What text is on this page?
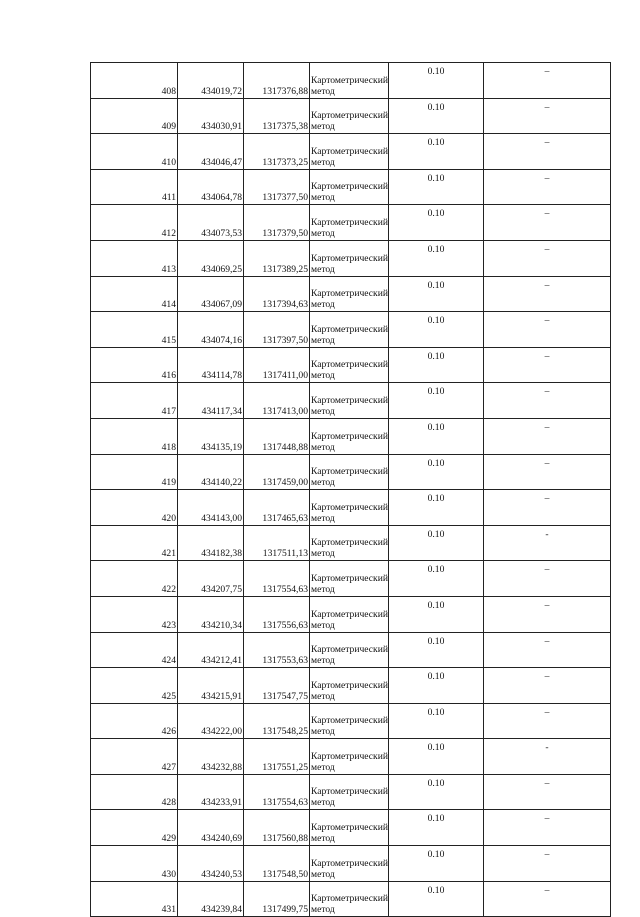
408	434019,72	1317376,88	Картометрический метод	0.10	–
409	434030,91	1317375,38	Картометрический метод	0.10	–
410	434046,47	1317373,25	Картометрический метод	0.10	–
411	434064,78	1317377,50	Картометрический метод	0.10	–
412	434073,53	1317379,50	Картометрический метод	0.10	–
413	434069,25	1317389,25	Картометрический метод	0.10	–
414	434067,09	1317394,63	Картометрический метод	0.10	–
415	434074,16	1317397,50	Картометрический метод	0.10	–
416	434114,78	1317411,00	Картометрический метод	0.10	–
417	434117,34	1317413,00	Картометрический метод	0.10	–
418	434135,19	1317448,88	Картометрический метод	0.10	–
419	434140,22	1317459,00	Картометрический метод	0.10	–
420	434143,00	1317465,63	Картометрический метод	0.10	–
421	434182,38	1317511,13	Картометрический метод	0.10	-
422	434207,75	1317554,63	Картометрический метод	0.10	–
423	434210,34	1317556,63	Картометрический метод	0.10	–
424	434212,41	1317553,63	Картометрический метод	0.10	–
425	434215,91	1317547,75	Картометрический метод	0.10	–
426	434222,00	1317548,25	Картометрический метод	0.10	–
427	434232,88	1317551,25	Картометрический метод	0.10	-
428	434233,91	1317554,63	Картометрический метод	0.10	–
429	434240,69	1317560,88	Картометрический метод	0.10	–
430	434240,53	1317548,50	Картометрический метод	0.10	–
431	434239,84	1317499,75	Картометрический метод	0.10	–
